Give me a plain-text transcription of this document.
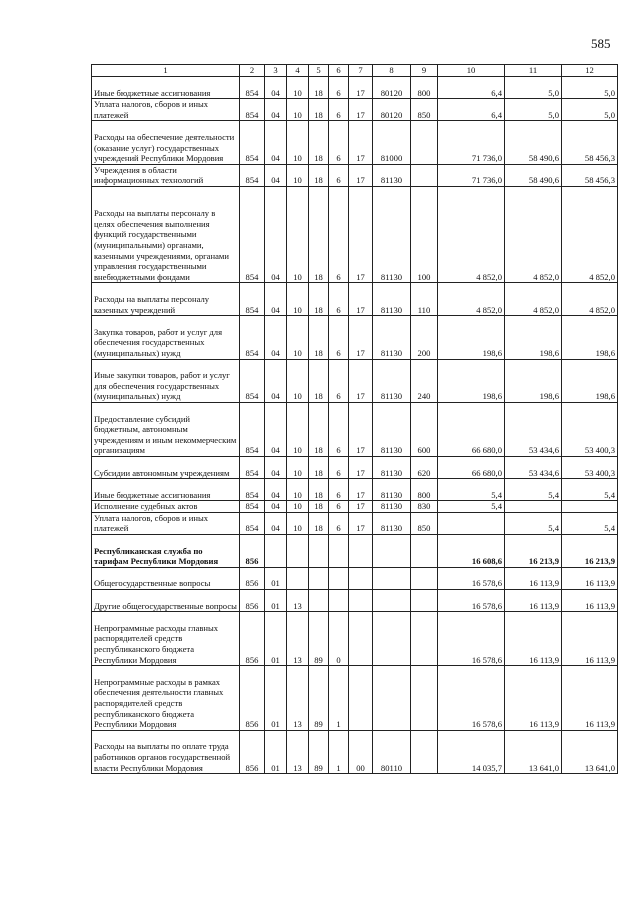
585
1	2	3	4	5	6	7	8	9	10	11	12
Иные бюджетные ассигнования	854	04	10	18	6	17	80120	800	6,4	5,0	5,0
Уплата налогов, сборов и иных платежей	854	04	10	18	6	17	80120	850	6,4	5,0	5,0
Расходы на обеспечение деятельности (оказание услуг) государственных учреждений Республики Мордовия	854	04	10	18	6	17	81000		71 736,0	58 490,6	58 456,3
Учреждения в области информационных технологий	854	04	10	18	6	17	81130		71 736,0	58 490,6	58 456,3
Расходы на выплаты персоналу в целях обеспечения выполнения функций государственными (муниципальными) органами, казенными учреждениями, органами управления государственными внебюджетными фондами	854	04	10	18	6	17	81130	100	4 852,0	4 852,0	4 852,0
Расходы на выплаты персоналу казенных учреждений	854	04	10	18	6	17	81130	110	4 852,0	4 852,0	4 852,0
Закупка товаров, работ и услуг для обеспечения государственных (муниципальных) нужд	854	04	10	18	6	17	81130	200	198,6	198,6	198,6
Иные закупки товаров, работ и услуг для обеспечения государственных (муниципальных) нужд	854	04	10	18	6	17	81130	240	198,6	198,6	198,6
Предоставление субсидий бюджетным, автономным учреждениям и иным некоммерческим организациям	854	04	10	18	6	17	81130	600	66 680,0	53 434,6	53 400,3
Субсидии автономным учреждениям	854	04	10	18	6	17	81130	620	66 680,0	53 434,6	53 400,3
Иные бюджетные ассигнования	854	04	10	18	6	17	81130	800	5,4	5,4	5,4
Исполнение судебных актов	854	04	10	18	6	17	81130	830	5,4		
Уплата налогов, сборов и иных платежей	854	04	10	18	6	17	81130	850		5,4	5,4
Республиканская служба по тарифам Республики Мордовия	856								16 608,6	16 213,9	16 213,9
Общегосударственные вопросы	856	01							16 578,6	16 113,9	16 113,9
Другие общегосударственные вопросы	856	01	13						16 578,6	16 113,9	16 113,9
Непрограммные расходы главных распорядителей средств республиканского бюджета Республики Мордовия	856	01	13	89	0				16 578,6	16 113,9	16 113,9
Непрограммные расходы в рамках обеспечения деятельности главных распорядителей средств республиканского бюджета Республики Мордовия	856	01	13	89	1				16 578,6	16 113,9	16 113,9
Расходы на выплаты по оплате труда работников органов государственной власти Республики Мордовия	856	01	13	89	1	00	80110		14 035,7	13 641,0	13 641,0
